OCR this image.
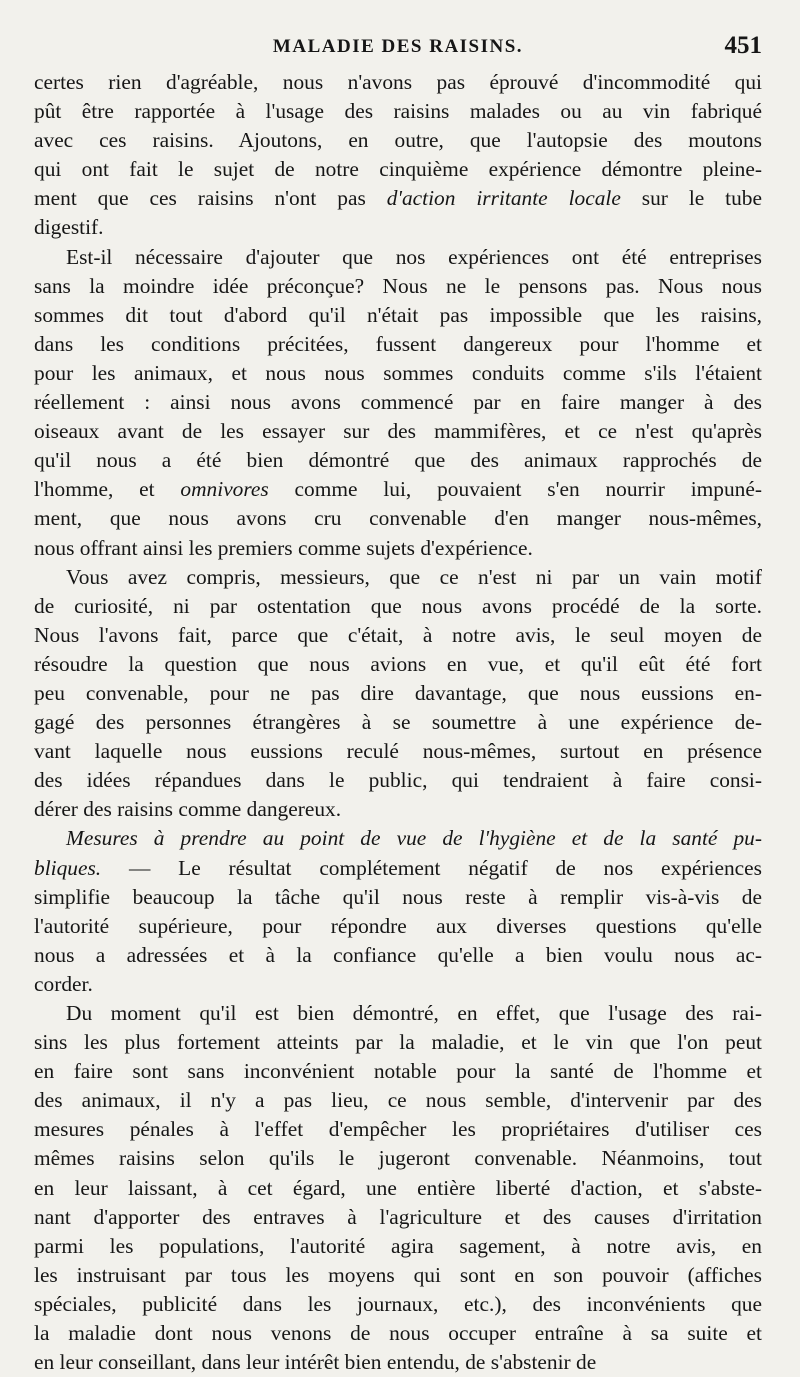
MALADIE DES RAISINS.	451
certes rien d'agréable, nous n'avons pas éprouvé d'incommodité qui
pût être rapportée à l'usage des raisins malades ou au vin fabriqué
avec ces raisins. Ajoutons, en outre, que l'autopsie des moutons
qui ont fait le sujet de notre cinquième expérience démontre pleine-
ment que ces raisins n'ont pas d'action irritante locale sur le tube
digestif.
Est-il nécessaire d'ajouter que nos expériences ont été entreprises
sans la moindre idée préconçue? Nous ne le pensons pas. Nous nous
sommes dit tout d'abord qu'il n'était pas impossible que les raisins,
dans les conditions précitées, fussent dangereux pour l'homme et
pour les animaux, et nous nous sommes conduits comme s'ils l'étaient
réellement : ainsi nous avons commencé par en faire manger à des
oiseaux avant de les essayer sur des mammifères, et ce n'est qu'après
qu'il nous a été bien démontré que des animaux rapprochés de
l'homme, et omnivores comme lui, pouvaient s'en nourrir impuné-
ment, que nous avons cru convenable d'en manger nous-mêmes,
nous offrant ainsi les premiers comme sujets d'expérience.
Vous avez compris, messieurs, que ce n'est ni par un vain motif
de curiosité, ni par ostentation que nous avons procédé de la sorte.
Nous l'avons fait, parce que c'était, à notre avis, le seul moyen de
résoudre la question que nous avions en vue, et qu'il eût été fort
peu convenable, pour ne pas dire davantage, que nous eussions en-
gagé des personnes étrangères à se soumettre à une expérience de-
vant laquelle nous eussions reculé nous-mêmes, surtout en présence
des idées répandues dans le public, qui tendraient à faire consi-
dérer des raisins comme dangereux.
Mesures à prendre au point de vue de l'hygiène et de la santé pu-
bliques. — Le résultat complétement négatif de nos expériences
simplifie beaucoup la tâche qu'il nous reste à remplir vis-à-vis de
l'autorité supérieure, pour répondre aux diverses questions qu'elle
nous a adressées et à la confiance qu'elle a bien voulu nous ac-
corder.
Du moment qu'il est bien démontré, en effet, que l'usage des rai-
sins les plus fortement atteints par la maladie, et le vin que l'on peut
en faire sont sans inconvénient notable pour la santé de l'homme et
des animaux, il n'y a pas lieu, ce nous semble, d'intervenir par des
mesures pénales à l'effet d'empêcher les propriétaires d'utiliser ces
mêmes raisins selon qu'ils le jugeront convenable. Néanmoins, tout
en leur laissant, à cet égard, une entière liberté d'action, et s'abste-
nant d'apporter des entraves à l'agriculture et des causes d'irritation
parmi les populations, l'autorité agira sagement, à notre avis, en
les instruisant par tous les moyens qui sont en son pouvoir (affiches
spéciales, publicité dans les journaux, etc.), des inconvénients que
la maladie dont nous venons de nous occuper entraîne à sa suite et
en leur conseillant, dans leur intérêt bien entendu, de s'abstenir de
